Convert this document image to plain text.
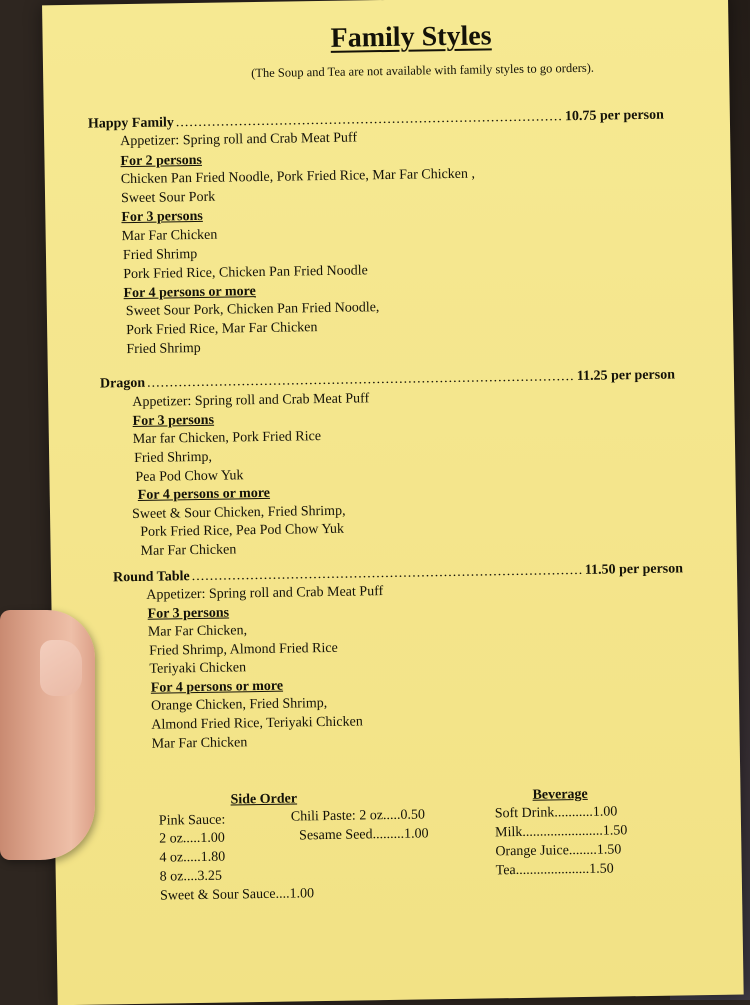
Family Styles
(The Soup and Tea are not available with family styles to go orders).
Happy Family .....	10.75 per person
Appetizer: Spring roll and Crab Meat Puff
For 2 persons
Chicken Pan Fried Noodle, Pork Fried Rice, Mar Far Chicken ,
Sweet Sour Pork
For 3 persons
Mar Far Chicken
Fried Shrimp
Pork Fried Rice, Chicken Pan Fried Noodle
For 4 persons or more
Sweet Sour Pork, Chicken Pan Fried Noodle,
Pork Fried Rice, Mar Far Chicken
Fried Shrimp
Dragon .....	11.25 per person
Appetizer: Spring roll and Crab Meat Puff
For 3 persons
Mar far Chicken, Pork Fried Rice
Fried Shrimp,
Pea Pod Chow Yuk
For 4 persons or more
Sweet & Sour Chicken, Fried Shrimp,
Pork Fried Rice, Pea Pod Chow Yuk
Mar Far Chicken
Round Table .....	11.50 per person
Appetizer: Spring roll and Crab Meat Puff
For 3 persons
Mar Far Chicken,
Fried Shrimp, Almond Fried Rice
Teriyaki Chicken
For 4 persons or more
Orange Chicken, Fried Shrimp,
Almond Fried Rice, Teriyaki Chicken
Mar Far Chicken
Side Order
Pink Sauce:
2 oz.....1.00
4 oz.....1.80
8 oz....3.25
Sweet & Sour Sauce....1.00
Chili Paste: 2 oz.....0.50
Sesame Seed.........1.00
Beverage
Soft Drink...........1.00
Milk.......................1.50
Orange Juice........1.50
Tea.....................1.50
